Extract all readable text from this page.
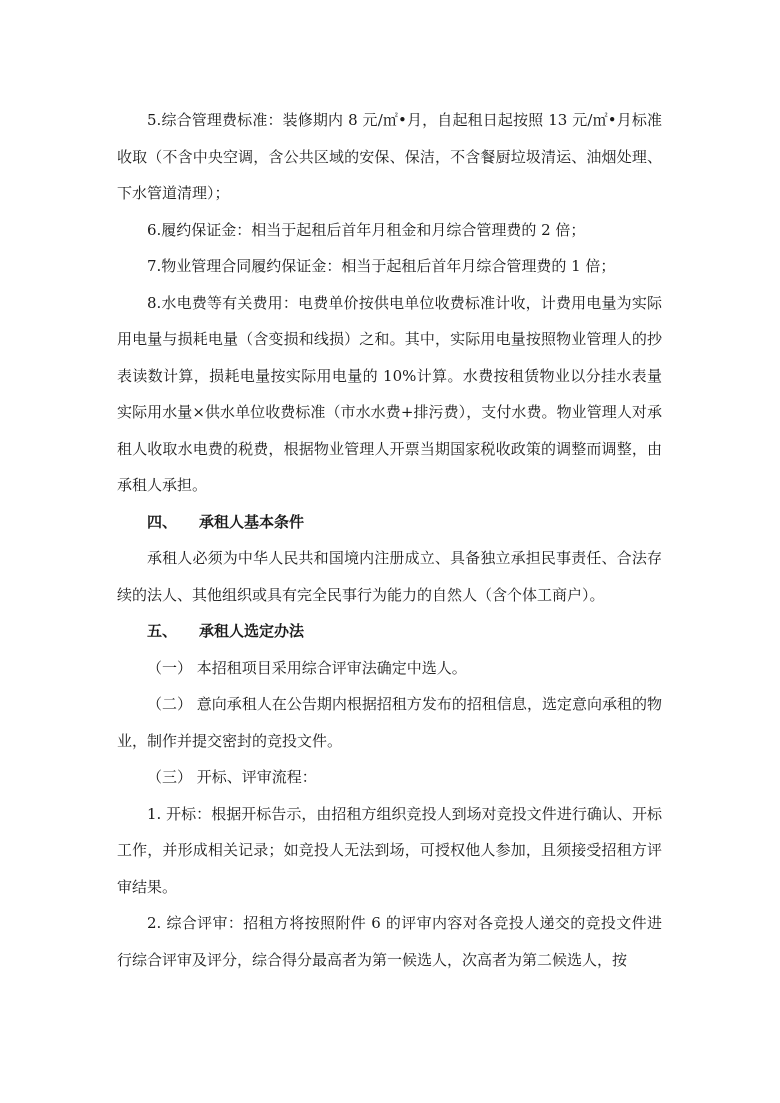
5.综合管理费标准：装修期内 8 元/㎡•月，自起租日起按照 13 元/㎡•月标准收取（不含中央空调，含公共区域的安保、保洁，不含餐厨垃圾清运、油烟处理、下水管道清理）；

6.履约保证金：相当于起租后首年月租金和月综合管理费的 2 倍；

7.物业管理合同履约保证金：相当于起租后首年月综合管理费的 1 倍；

8.水电费等有关费用：电费单价按供电单位收费标准计收，计费用电量为实际用电量与损耗电量（含变损和线损）之和。其中，实际用电量按照物业管理人的抄表读数计算，损耗电量按实际用电量的 10%计算。水费按租赁物业以分挂水表量实际用水量×供水单位收费标准（市水水费+排污费），支付水费。物业管理人对承租人收取水电费的税费，根据物业管理人开票当期国家税收政策的调整而调整，由承租人承担。

四、 承租人基本条件

承租人必须为中华人民共和国境内注册成立、具备独立承担民事责任、合法存续的法人、其他组织或具有完全民事行为能力的自然人（含个体工商户）。

五、 承租人选定办法

（一） 本招租项目采用综合评审法确定中选人。

（二） 意向承租人在公告期内根据招租方发布的招租信息，选定意向承租的物业，制作并提交密封的竞投文件。

（三） 开标、评审流程：

1. 开标：根据开标告示，由招租方组织竞投人到场对竞投文件进行确认、开标工作，并形成相关记录；如竞投人无法到场，可授权他人参加，且须接受招租方评审结果。

2. 综合评审：招租方将按照附件 6 的评审内容对各竞投人递交的竞投文件进行综合评审及评分，综合得分最高者为第一候选人，次高者为第二候选人，按
